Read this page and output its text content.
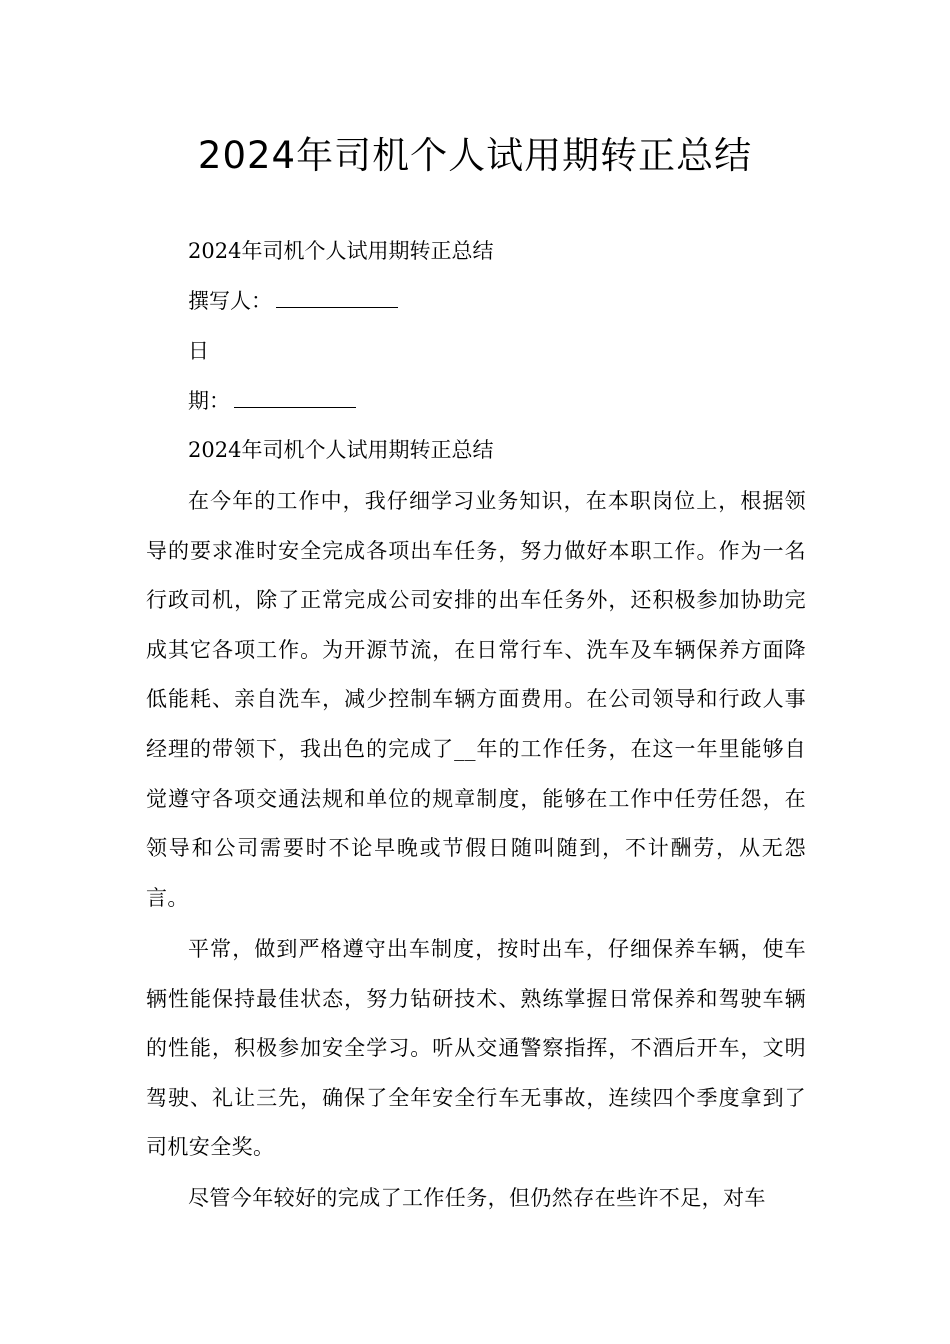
2024年司机个人试用期转正总结
2024年司机个人试用期转正总结
撰写人：
日
期：
2024年司机个人试用期转正总结
在今年的工作中，我仔细学习业务知识，在本职岗位上，根据领导的要求准时安全完成各项出车任务，努力做好本职工作。作为一名行政司机，除了正常完成公司安排的出车任务外，还积极参加协助完成其它各项工作。为开源节流，在日常行车、洗车及车辆保养方面降低能耗、亲自洗车，减少控制车辆方面费用。在公司领导和行政人事经理的带领下，我出色的完成了__年的工作任务，在这一年里能够自觉遵守各项交通法规和单位的规章制度，能够在工作中任劳任怨，在领导和公司需要时不论早晚或节假日随叫随到，不计酬劳，从无怨言。
平常，做到严格遵守出车制度，按时出车，仔细保养车辆，使车辆性能保持最佳状态，努力钻研技术、熟练掌握日常保养和驾驶车辆的性能，积极参加安全学习。听从交通警察指挥，不酒后开车，文明驾驶、礼让三先，确保了全年安全行车无事故，连续四个季度拿到了司机安全奖。
尽管今年较好的完成了工作任务，但仍然存在些许不足，对车
